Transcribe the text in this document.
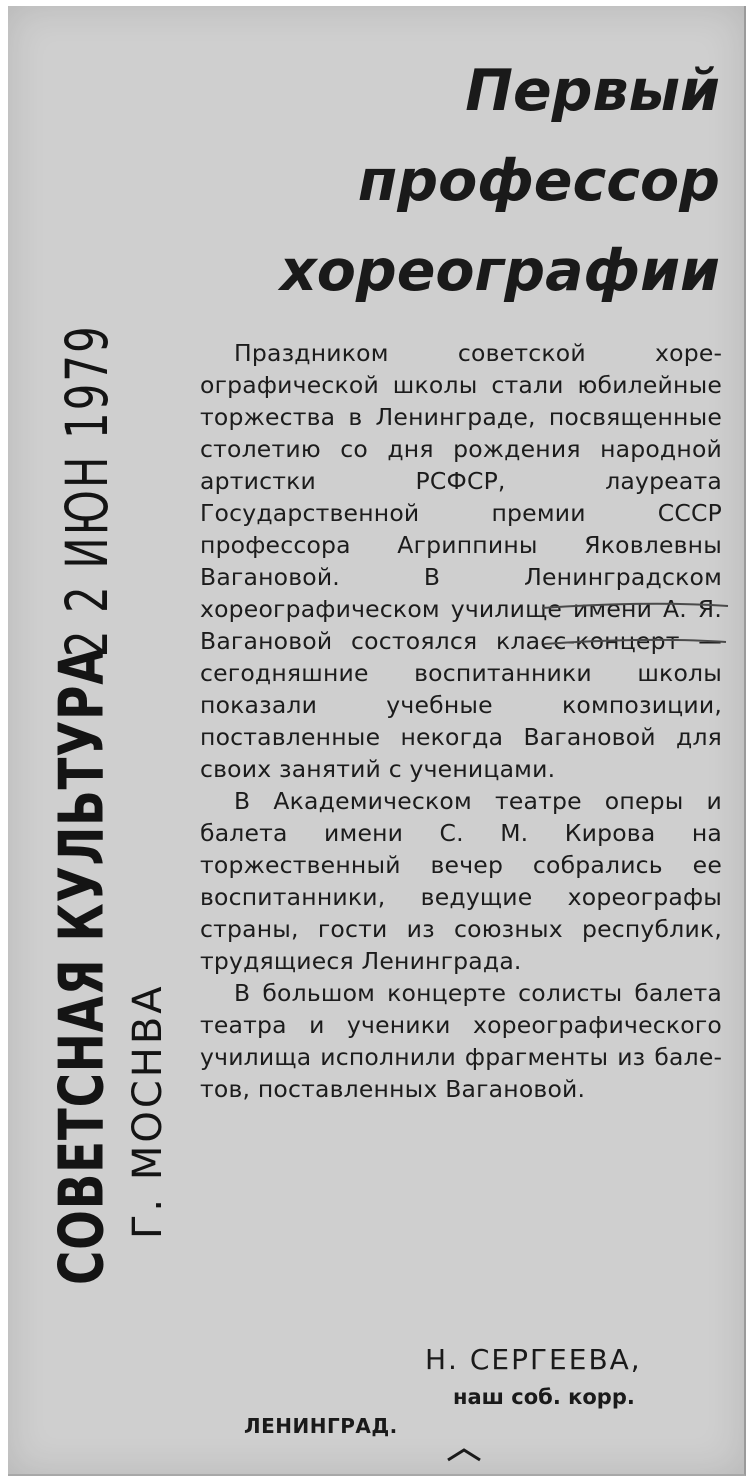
СОВЕТСНАЯ КУЛЬТУРА
2 2 ИЮН 1979
Г. МОСНВА
Первый
профессор
хореографии

Праздником советской хореографической школы стали юбилейные торжества в Ленинграде, посвященные столетию со дня рождения народной артистки РСФСР, лауреата Государственной премии СССР профессора Агриппины Яковлевны Вагановой. В Ленинградском хореографическом училище имени А. Я. Вагановой состоялся класс-концерт — сегодняшние воспитанники школы показали учебные композиции, поставленные некогда Вагановой для своих занятий с ученицами.

В Академическом театре оперы и балета имени С. М. Кирова на торжественный вечер собрались ее воспитанники, ведущие хореографы страны, гости из союзных республик, трудящиеся Ленинграда.

В большом концерте солисты балета театра и ученики хореографического училища исполнили фрагменты из балетов, поставленных Вагановой.

Н. СЕРГЕЕВА,
наш соб. корр.
ЛЕНИНГРАД.
